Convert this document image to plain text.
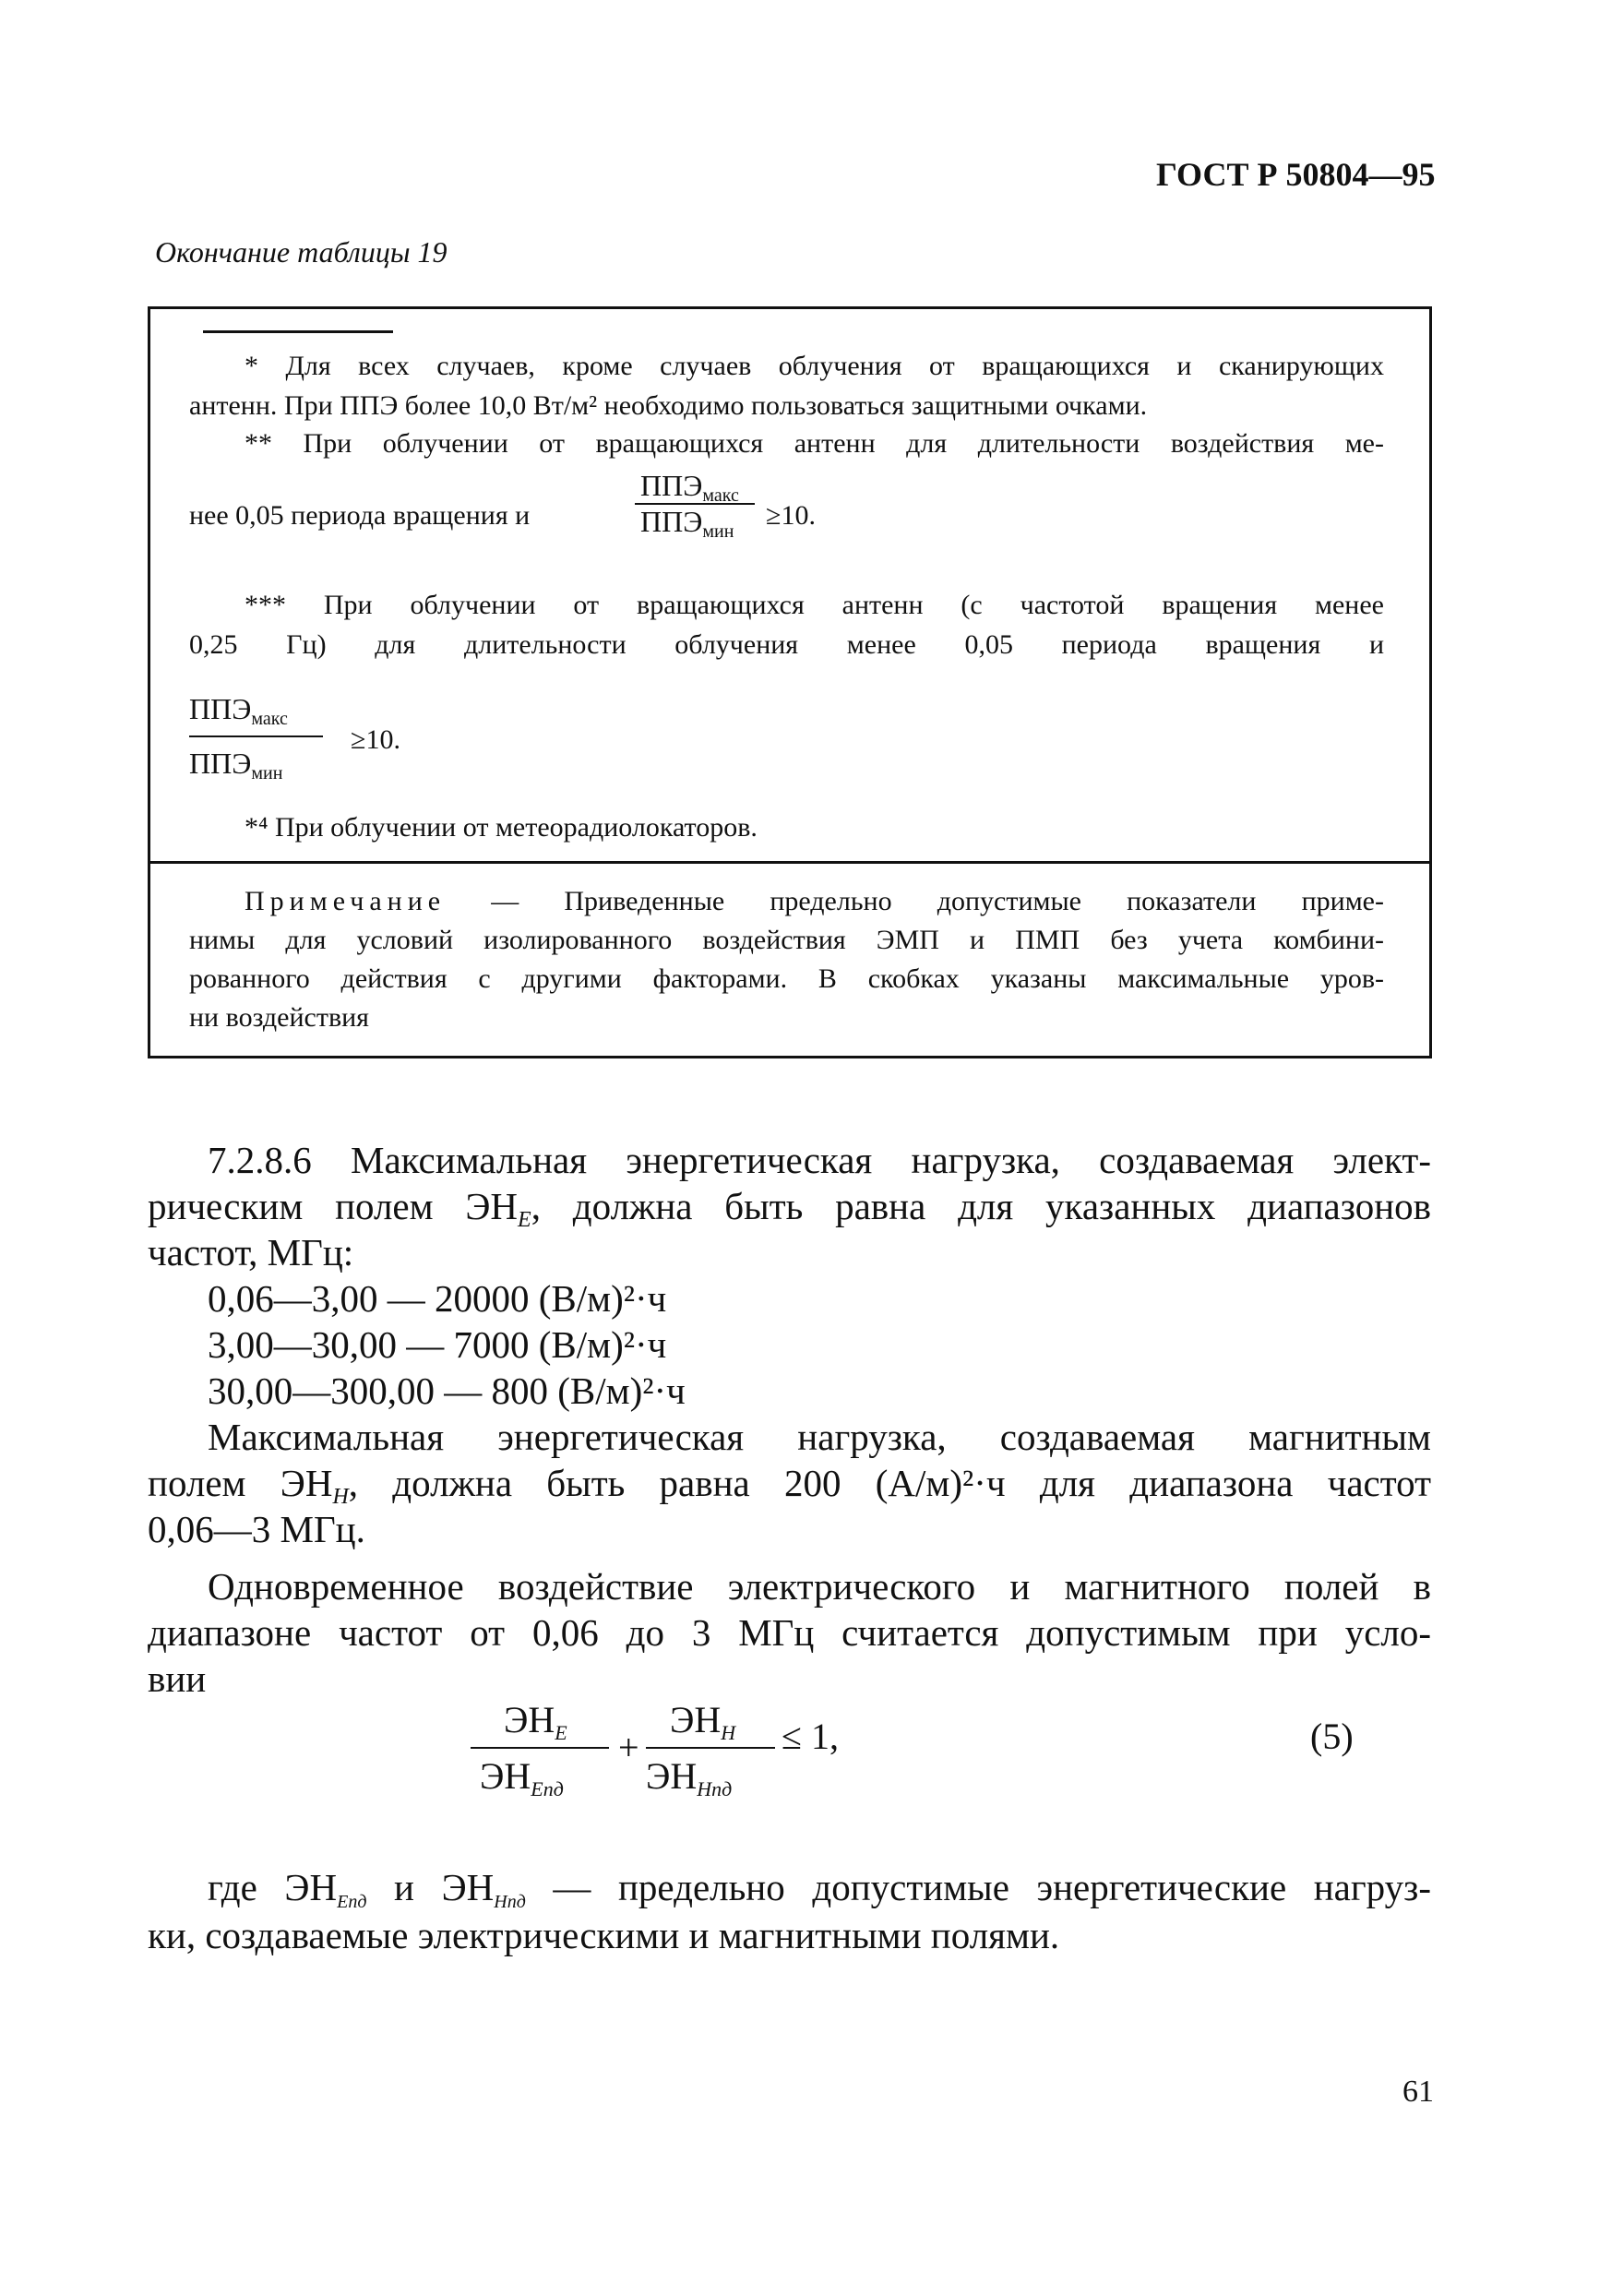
ГОСТ Р 50804—95
Окончание таблицы 19
* Для всех случаев, кроме случаев облучения от вращающихся и сканирующих
антенн. При ППЭ более 10,0 Вт/м² необходимо пользоваться защитными очками.
** При облучении от вращающихся антенн для длительности воздействия ме-
нее 0,05 периода вращения и
ППЭмакс
ППЭмин
≥10.
*** При облучении от вращающихся антенн (с частотой вращения менее
0,25 Гц) для длительности облучения менее 0,05 периода вращения и
ППЭмакс
ППЭмин
≥10.
*⁴ При облучении от метеорадиолокаторов.
Примечание — Приведенные предельно допустимые показатели приме-
нимы для условий изолированного воздействия ЭМП и ПМП без учета комбини-
рованного действия с другими факторами. В скобках указаны максимальные уров-
ни воздействия
7.2.8.6 Максимальная энергетическая нагрузка, создаваемая элект-
рическим полем ЭНE, должна быть равна для указанных диапазонов
частот, МГц:
0,06—3,00 — 20000 (В/м)²·ч
3,00—30,00 — 7000 (В/м)²·ч
30,00—300,00 — 800 (В/м)²·ч
Максимальная энергетическая нагрузка, создаваемая магнитным
полем ЭНH, должна быть равна 200 (А/м)²·ч для диапазона частот
0,06—3 МГц.
Одновременное воздействие электрического и магнитного полей в
диапазоне частот от 0,06 до 3 МГц считается допустимым при усло-
вии
$ЭН_E$
$ЭН_{Eпд}$
+
$ЭН_H$
$ЭН_{Hпд}$
≤ 1,	(5)
где ЭНEпд и ЭНHпд — предельно допустимые энергетические нагруз-
ки, создаваемые электрическими и магнитными полями.
61
